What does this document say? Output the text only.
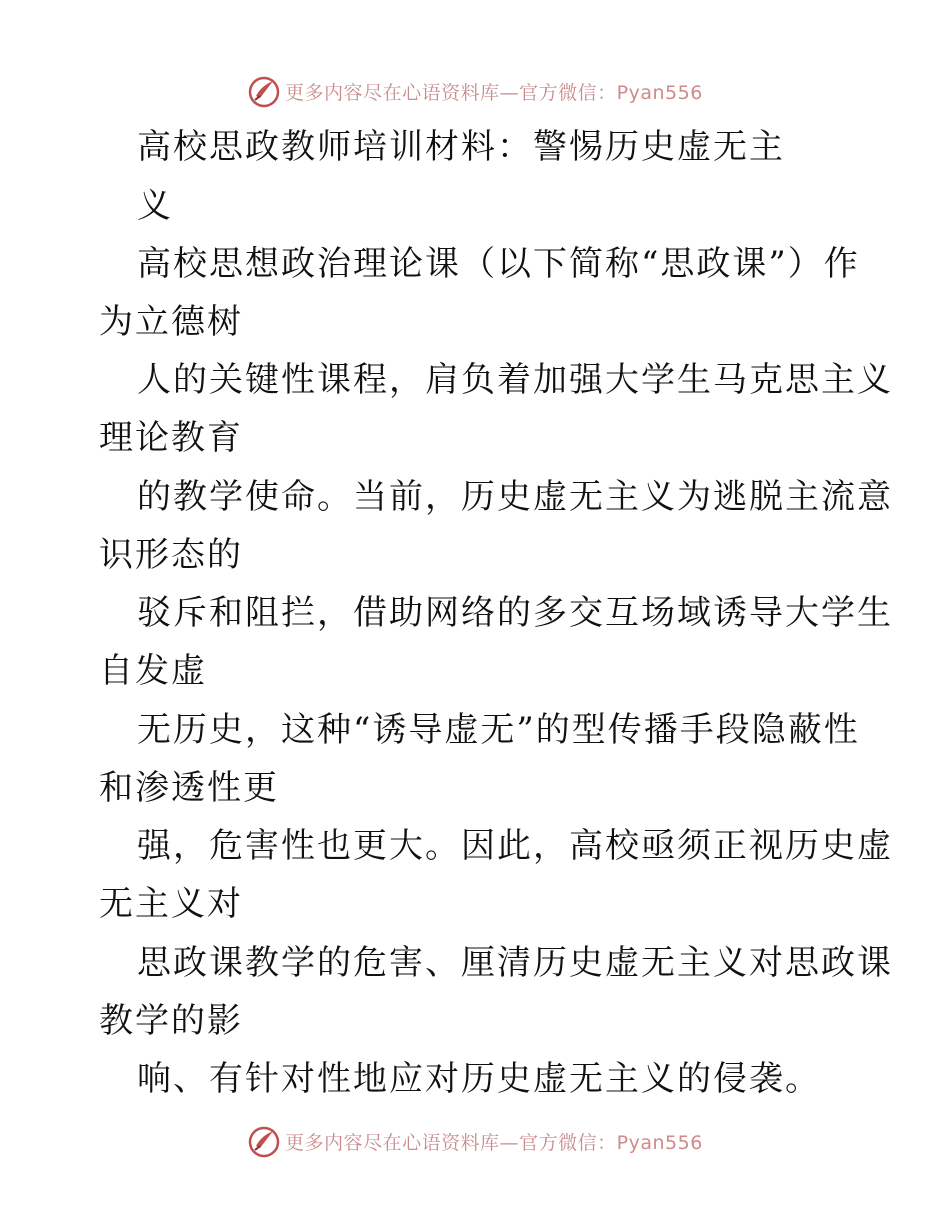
更多内容尽在心语资料库—官方微信：Pyan556
高校思政教师培训材料：警惕历史虚无主
义
高校思想政治理论课（以下简称“思政课”）作
为立德树
人的关键性课程，肩负着加强大学生马克思主义
理论教育
的教学使命。当前，历史虚无主义为逃脱主流意
识形态的
驳斥和阻拦，借助网络的多交互场域诱导大学生
自发虚
无历史，这种“诱导虚无”的型传播手段隐蔽性
和渗透性更
强，危害性也更大。因此，高校亟须正视历史虚
无主义对
思政课教学的危害、厘清历史虚无主义对思政课
教学的影
响、有针对性地应对历史虚无主义的侵袭。
更多内容尽在心语资料库—官方微信：Pyan556
